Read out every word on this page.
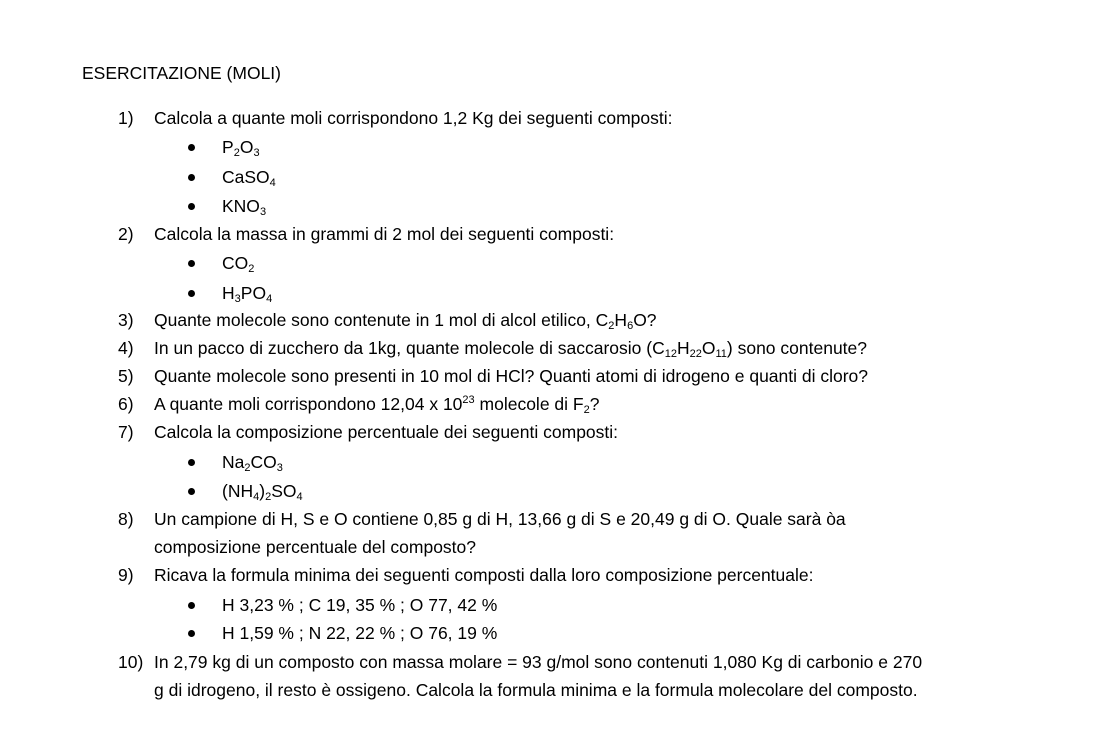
ESERCITAZIONE (MOLI)
1) Calcola a quante moli corrispondono 1,2 Kg dei seguenti composti:
$P_2O_3$
CaSO$_4$
$KNO_3$
2) Calcola la massa in grammi di 2 mol dei seguenti composti:
$CO_2$
$H_3PO_4$
3) Quante molecole sono contenute in 1 mol di alcol etilico, $C_2H_6O$?
4) In un pacco di zucchero da 1kg, quante molecole di saccarosio $(C_{12}H_{22}O_{11})$ sono contenute?
5) Quante molecole sono presenti in 10 mol di HCl? Quanti atomi di idrogeno e quanti di cloro?
6) A quante moli corrispondono 12,04 x $10^{23}$ molecole di $F_2$?
7) Calcola la composizione percentuale dei seguenti composti:
$Na_2CO_3$
$(NH_4)_2SO_4$
8) Un campione di H, S e O contiene 0,85 g di H, 13,66 g di S e 20,49 g di O. Quale sarà òa
composizione percentuale del composto?
9) Ricava la formula minima dei seguenti composti dalla loro composizione percentuale:
H 3,23 % ; C 19, 35 % ; O 77, 42 %
H 1,59 % ; N 22, 22 % ; O 76, 19 %
10) In 2,79 kg di un composto con massa molare = 93 g/mol sono contenuti 1,080 Kg di carbonio e 270
g di idrogeno, il resto è ossigeno. Calcola la formula minima e la formula molecolare del composto.
